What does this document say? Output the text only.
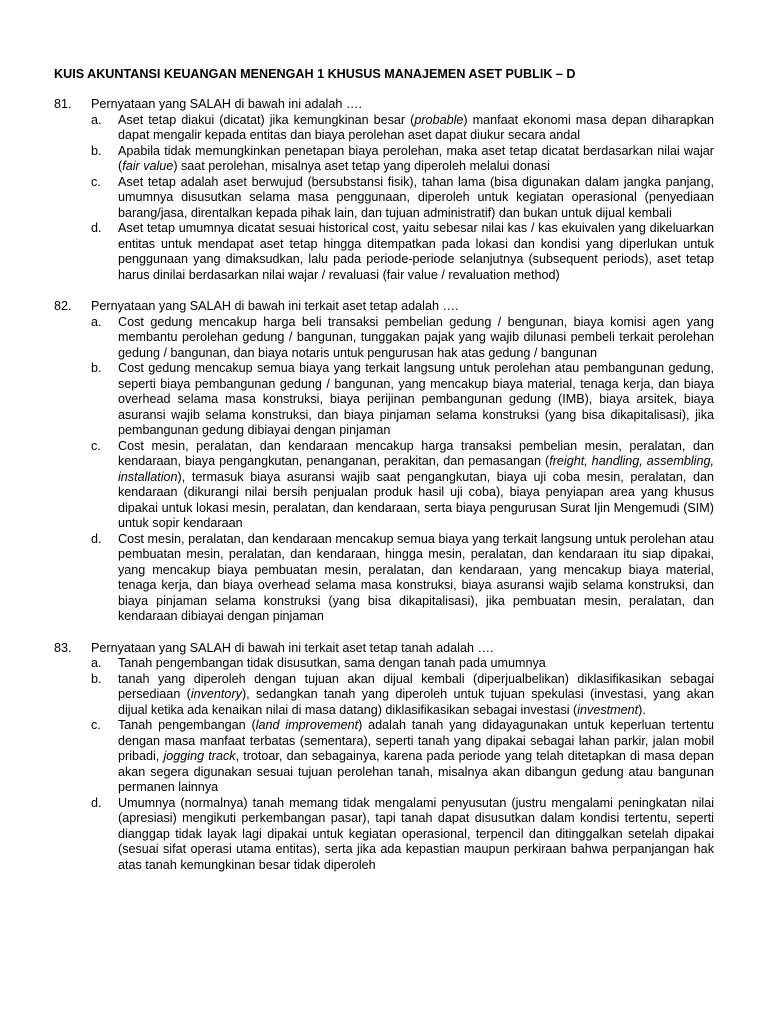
KUIS AKUNTANSI KEUANGAN MENENGAH 1 KHUSUS MANAJEMEN ASET PUBLIK – D
81.	Pernyataan yang SALAH di bawah ini adalah ….
a.	Aset tetap diakui (dicatat) jika kemungkinan besar (probable) manfaat ekonomi masa depan diharapkan dapat mengalir kepada entitas dan biaya perolehan aset dapat diukur secara andal
b.	Apabila tidak memungkinkan penetapan biaya perolehan, maka aset tetap dicatat berdasarkan nilai wajar (fair value) saat perolehan, misalnya aset tetap yang diperoleh melalui donasi
c.	Aset tetap adalah aset berwujud (bersubstansi fisik), tahan lama (bisa digunakan dalam jangka panjang, umumnya disusutkan selama masa penggunaan, diperoleh untuk kegiatan operasional (penyediaan barang/jasa, direntalkan kepada pihak lain, dan tujuan administratif) dan bukan untuk dijual kembali
d.	Aset tetap umumnya dicatat sesuai historical cost, yaitu sebesar nilai kas / kas ekuivalen yang dikeluarkan entitas untuk mendapat aset tetap hingga ditempatkan pada lokasi dan kondisi yang diperlukan untuk penggunaan yang dimaksudkan, lalu pada periode-periode selanjutnya (subsequent periods), aset tetap harus dinilai berdasarkan nilai wajar / revaluasi (fair value / revaluation method)
82.	Pernyataan yang SALAH di bawah ini terkait aset tetap adalah ….
a.	Cost gedung mencakup harga beli transaksi pembelian gedung / bengunan, biaya komisi agen yang membantu perolehan gedung / bangunan, tunggakan pajak yang wajib dilunasi pembeli terkait perolehan gedung / bangunan, dan biaya notaris untuk pengurusan hak atas gedung / bangunan
b.	Cost gedung mencakup semua biaya yang terkait langsung untuk perolehan atau pembangunan gedung, seperti biaya pembangunan gedung / bangunan, yang mencakup biaya material, tenaga kerja, dan biaya overhead selama masa konstruksi, biaya perijinan pembangunan gedung (IMB), biaya arsitek, biaya asuransi wajib selama konstruksi, dan biaya pinjaman selama konstruksi (yang bisa dikapitalisasi), jika pembangunan gedung dibiayai dengan pinjaman
c.	Cost mesin, peralatan, dan kendaraan mencakup harga transaksi pembelian mesin, peralatan, dan kendaraan, biaya pengangkutan, penanganan, perakitan, dan pemasangan (freight, handling, assembling, installation), termasuk biaya asuransi wajib saat pengangkutan, biaya uji coba mesin, peralatan, dan kendaraan (dikurangi nilai bersih penjualan produk hasil uji coba), biaya penyiapan area yang khusus dipakai untuk lokasi mesin, peralatan, dan kendaraan, serta biaya pengurusan Surat Ijin Mengemudi (SIM) untuk sopir kendaraan
d.	Cost mesin, peralatan, dan kendaraan mencakup semua biaya yang terkait langsung untuk perolehan atau pembuatan mesin, peralatan, dan kendaraan, hingga mesin, peralatan, dan kendaraan itu siap dipakai, yang mencakup biaya pembuatan mesin, peralatan, dan kendaraan, yang mencakup biaya material, tenaga kerja, dan biaya overhead selama masa konstruksi, biaya asuransi wajib selama konstruksi, dan biaya pinjaman selama konstruksi (yang bisa dikapitalisasi), jika pembuatan mesin, peralatan, dan kendaraan dibiayai dengan pinjaman
83.	Pernyataan yang SALAH di bawah ini terkait aset tetap tanah adalah ….
a.	Tanah pengembangan tidak disusutkan, sama dengan tanah pada umumnya
b.	tanah yang diperoleh dengan tujuan akan dijual kembali (diperjualbelikan) diklasifikasikan sebagai persediaan (inventory), sedangkan tanah yang diperoleh untuk tujuan spekulasi (investasi, yang akan dijual ketika ada kenaikan nilai di masa datang) diklasifikasikan sebagai investasi (investment).
c.	Tanah pengembangan (land improvement) adalah tanah yang didayagunakan untuk keperluan tertentu dengan masa manfaat terbatas (sementara), seperti tanah yang dipakai sebagai lahan parkir, jalan mobil pribadi, jogging track, trotoar, dan sebagainya, karena pada periode yang telah ditetapkan di masa depan akan segera digunakan sesuai tujuan perolehan tanah, misalnya akan dibangun gedung atau bangunan permanen lainnya
d.	Umumnya (normalnya) tanah memang tidak mengalami penyusutan (justru mengalami peningkatan nilai (apresiasi) mengikuti perkembangan pasar), tapi tanah dapat disusutkan dalam kondisi tertentu, seperti dianggap tidak layak lagi dipakai untuk kegiatan operasional, terpencil dan ditinggalkan setelah dipakai (sesuai sifat operasi utama entitas), serta jika ada kepastian maupun perkiraan bahwa perpanjangan hak atas tanah kemungkinan besar tidak diperoleh
